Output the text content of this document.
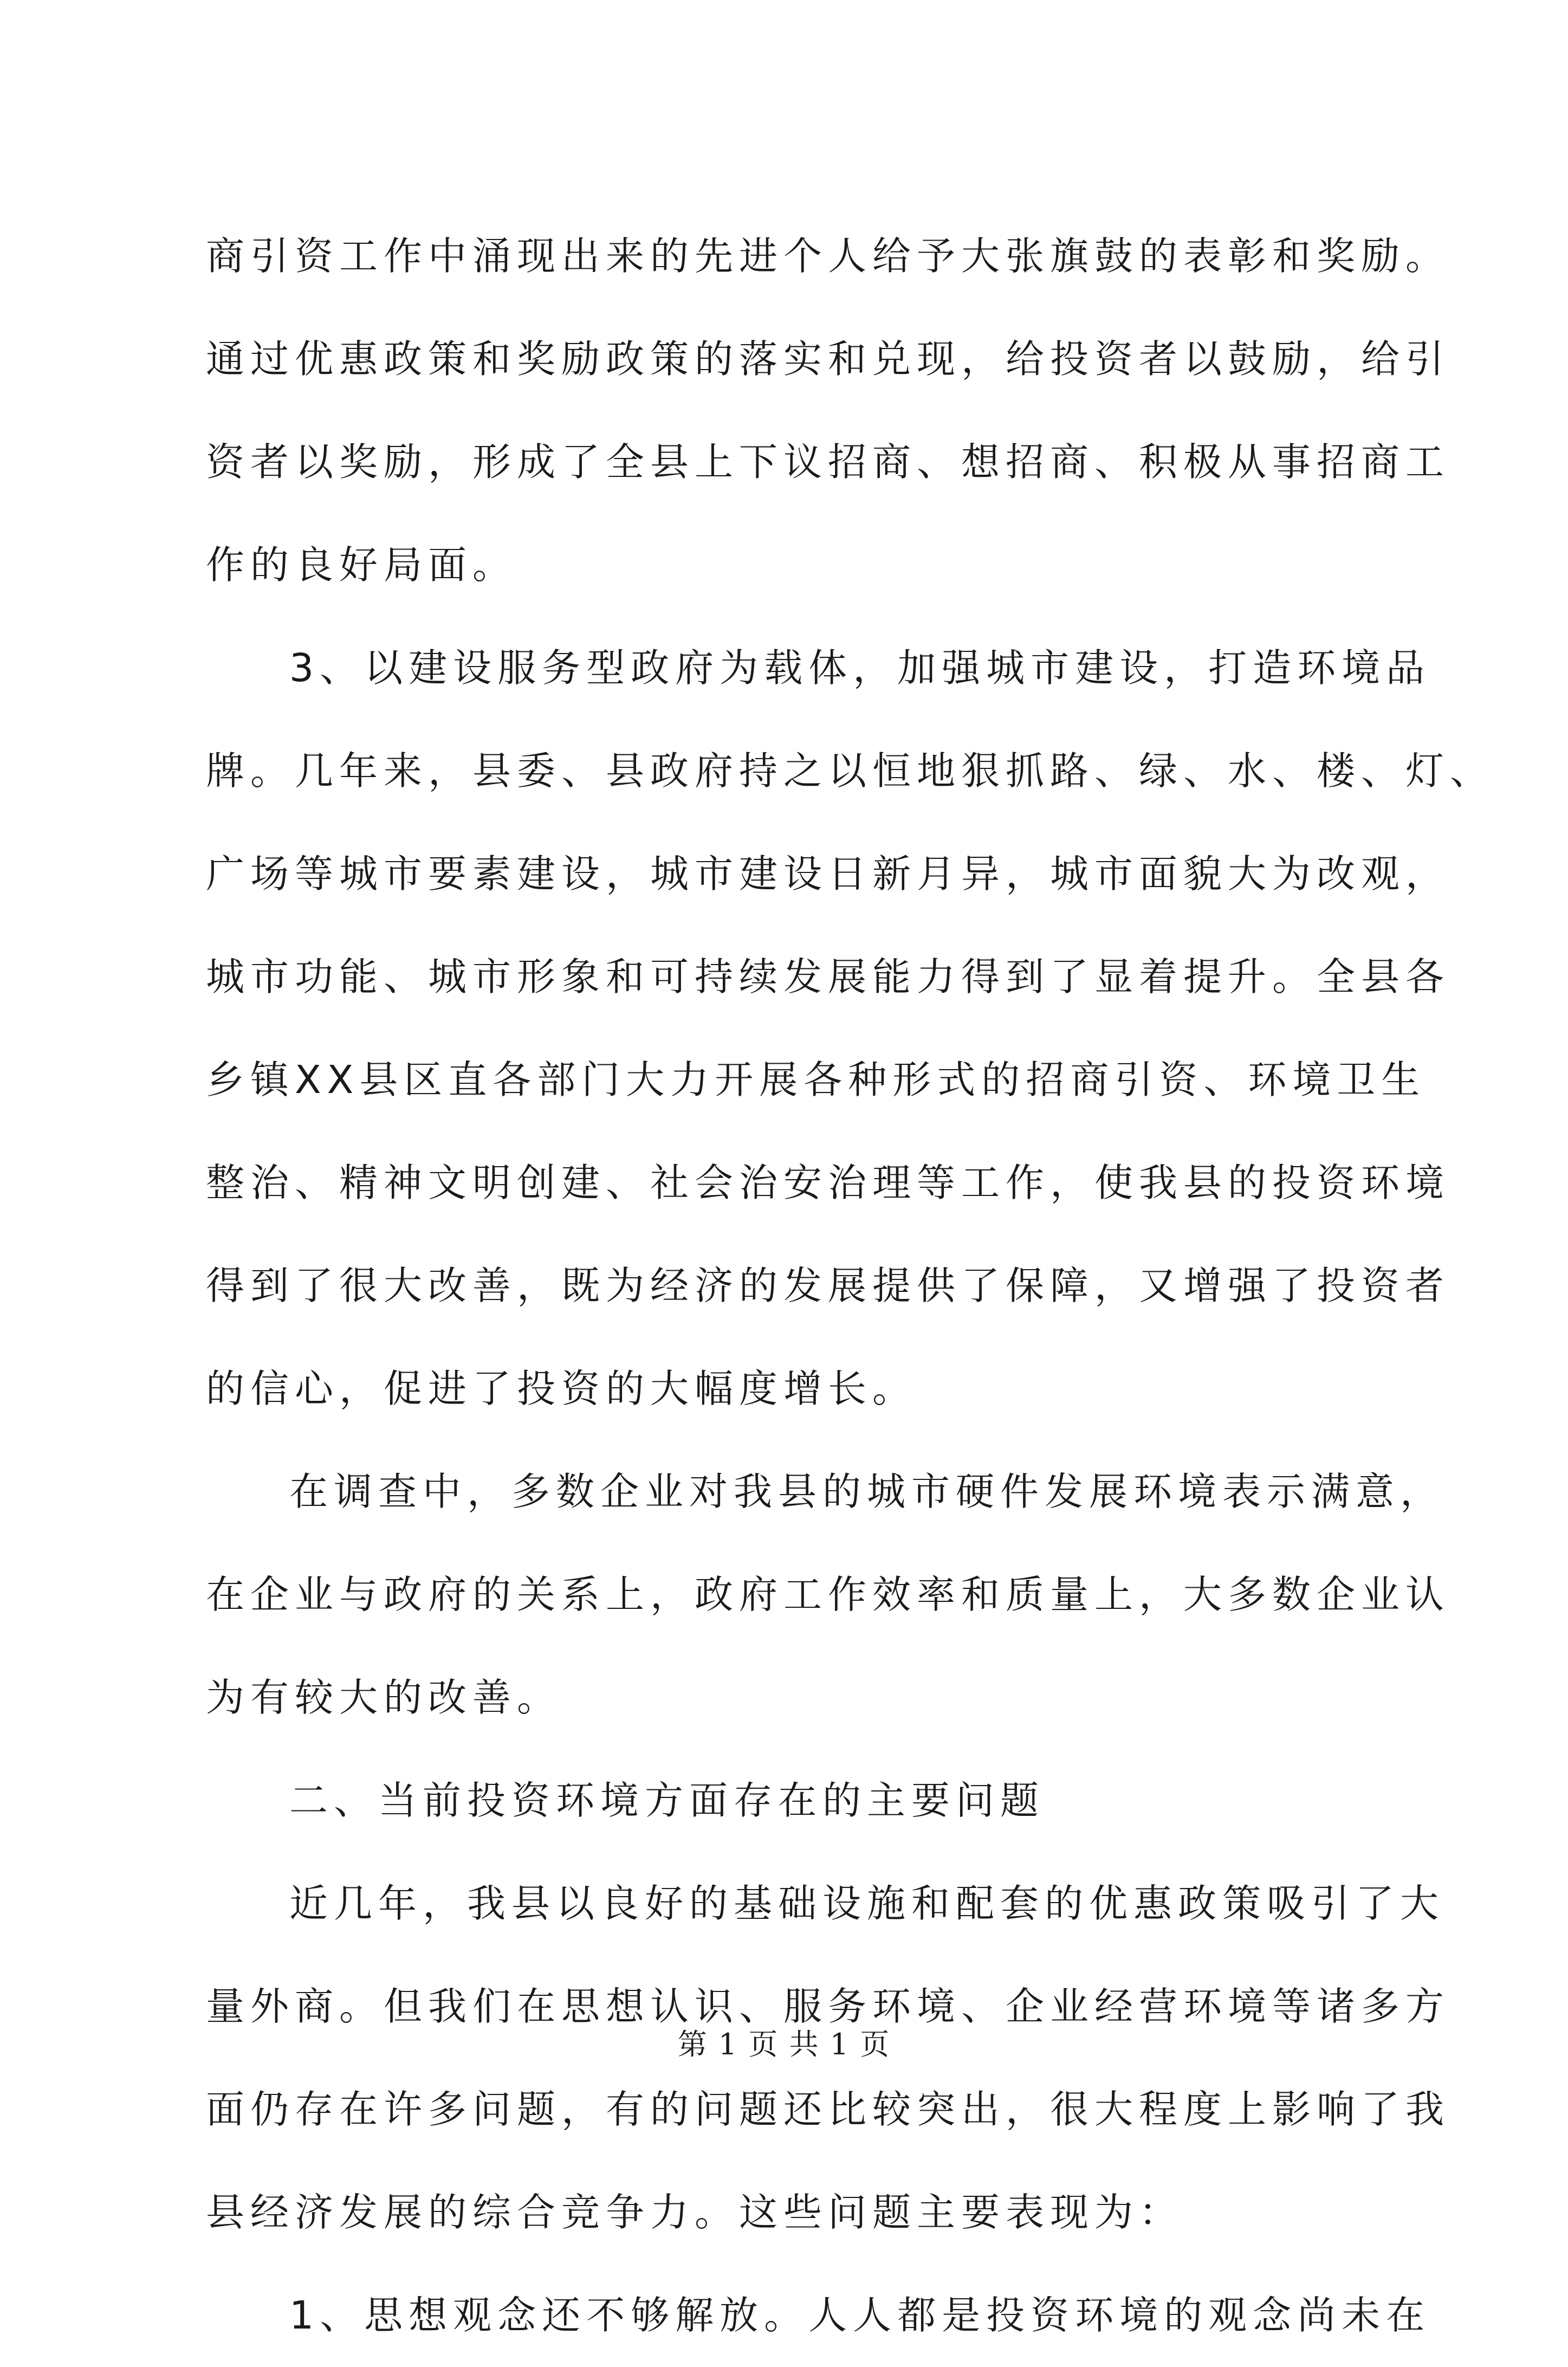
商引资工作中涌现出来的先进个人给予大张旗鼓的表彰和奖励。
通过优惠政策和奖励政策的落实和兑现，给投资者以鼓励，给引
资者以奖励，形成了全县上下议招商、想招商、积极从事招商工
作的良好局面。
3、以建设服务型政府为载体，加强城市建设，打造环境品
牌。几年来，县委、县政府持之以恒地狠抓路、绿、水、楼、灯、
广场等城市要素建设，城市建设日新月异，城市面貌大为改观，
城市功能、城市形象和可持续发展能力得到了显着提升。全县各
乡镇XX县区直各部门大力开展各种形式的招商引资、环境卫生
整治、精神文明创建、社会治安治理等工作，使我县的投资环境
得到了很大改善，既为经济的发展提供了保障，又增强了投资者
的信心，促进了投资的大幅度增长。
在调查中，多数企业对我县的城市硬件发展环境表示满意，
在企业与政府的关系上，政府工作效率和质量上，大多数企业认
为有较大的改善。
二、当前投资环境方面存在的主要问题
近几年，我县以良好的基础设施和配套的优惠政策吸引了大
量外商。但我们在思想认识、服务环境、企业经营环境等诸多方
面仍存在许多问题，有的问题还比较突出，很大程度上影响了我
县经济发展的综合竞争力。这些问题主要表现为：
1、思想观念还不够解放。人人都是投资环境的观念尚未在
第 1 页 共 1 页
